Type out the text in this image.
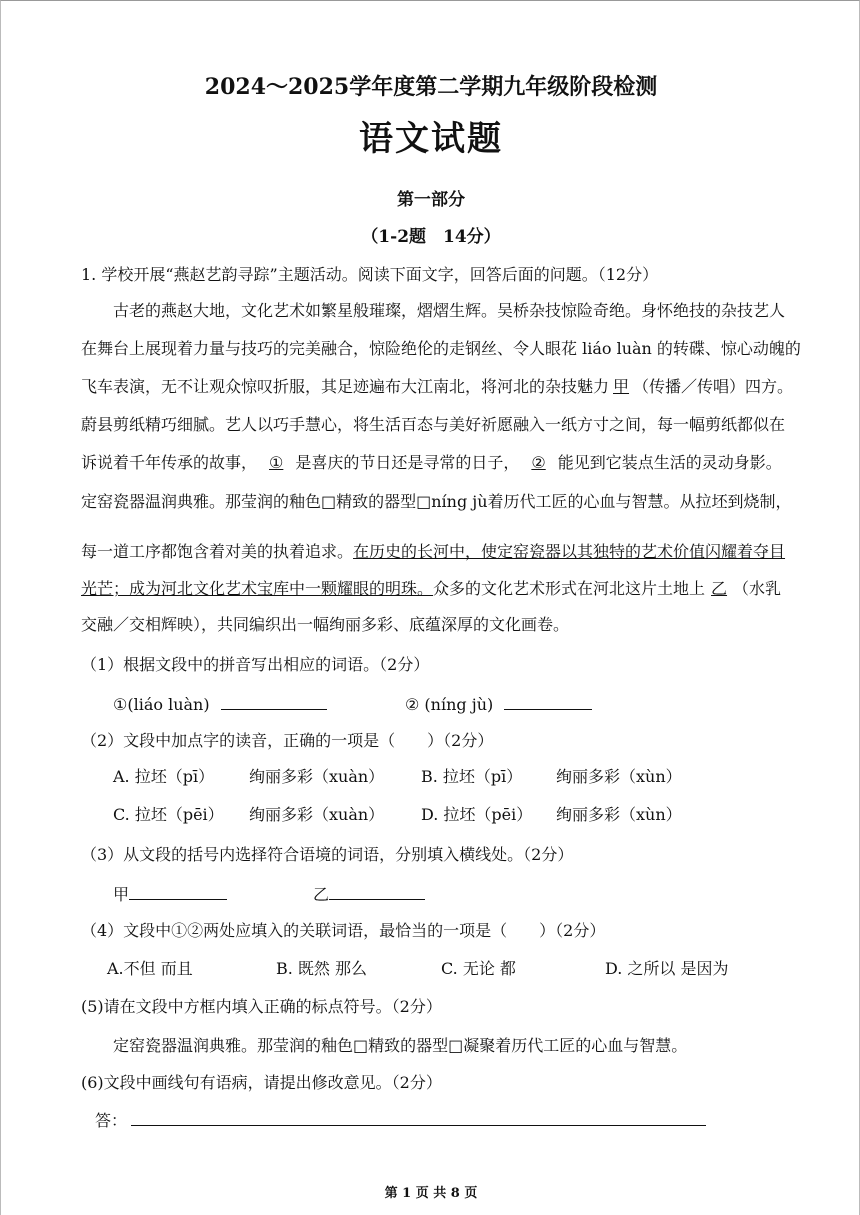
2024～2025学年度第二学期九年级阶段检测
语文试题
第一部分
（1-2题　14分）
1. 学校开展“燕赵艺韵寻踪”主题活动。阅读下面文字，回答后面的问题。（12分）
古老的燕赵大地，文化艺术如繁星般璀璨，熠熠生辉。吴桥杂技惊险奇绝。身怀绝技的杂技艺人
在舞台上展现着力量与技巧的完美融合，惊险绝伦的走钢丝、令人眼花 liáo luàn 的转碟、惊心动魄的
飞车表演，无不让观众惊叹折服，其足迹遍布大江南北，将河北的杂技魅力 甲 （传播／传唱）四方。
蔚县剪纸精巧细腻。艺人以巧手慧心，将生活百态与美好祈愿融入一纸方寸之间，每一幅剪纸都似在
诉说着千年传承的故事， ① 是喜庆的节日还是寻常的日子， ② 能见到它装点生活的灵动身影。
定窑瓷器温润典雅。那莹润的釉色□精致的器型□níng jù着历代工匠的心血与智慧。从拉坯到烧制，
每一道工序都饱含着对美的执着追求。在历史的长河中，使定窑瓷器以其独特的艺术价值闪耀着夺目
光芒；成为河北文化艺术宝库中一颗耀眼的明珠。众多的文化艺术形式在河北这片土地上 乙 （水乳
交融／交相辉映），共同编织出一幅绚丽多彩、底蕴深厚的文化画卷。
（1）根据文段中的拼音写出相应的词语。（2分）
①(liáo luàn)	② (níng jù)
（2）文段中加点字的读音，正确的一项是（　　）（2分）
A. 拉坯（pī） 绚丽多彩（xuàn） B. 拉坯（pī） 绚丽多彩（xùn）
C. 拉坯（pēi） 绚丽多彩（xuàn） D. 拉坯（pēi） 绚丽多彩（xùn）
（3）从文段的括号内选择符合语境的词语，分别填入横线处。（2分）
甲	乙
（4）文段中①②两处应填入的关联词语，最恰当的一项是（　　）（2分）
A.不但 而且	B. 既然 那么	C. 无论 都	D. 之所以 是因为
(5)请在文段中方框内填入正确的标点符号。（2分）
定窑瓷器温润典雅。那莹润的釉色□精致的器型□凝聚着历代工匠的心血与智慧。
(6)文段中画线句有语病，请提出修改意见。（2分）
答：
第 1 页 共 8 页
